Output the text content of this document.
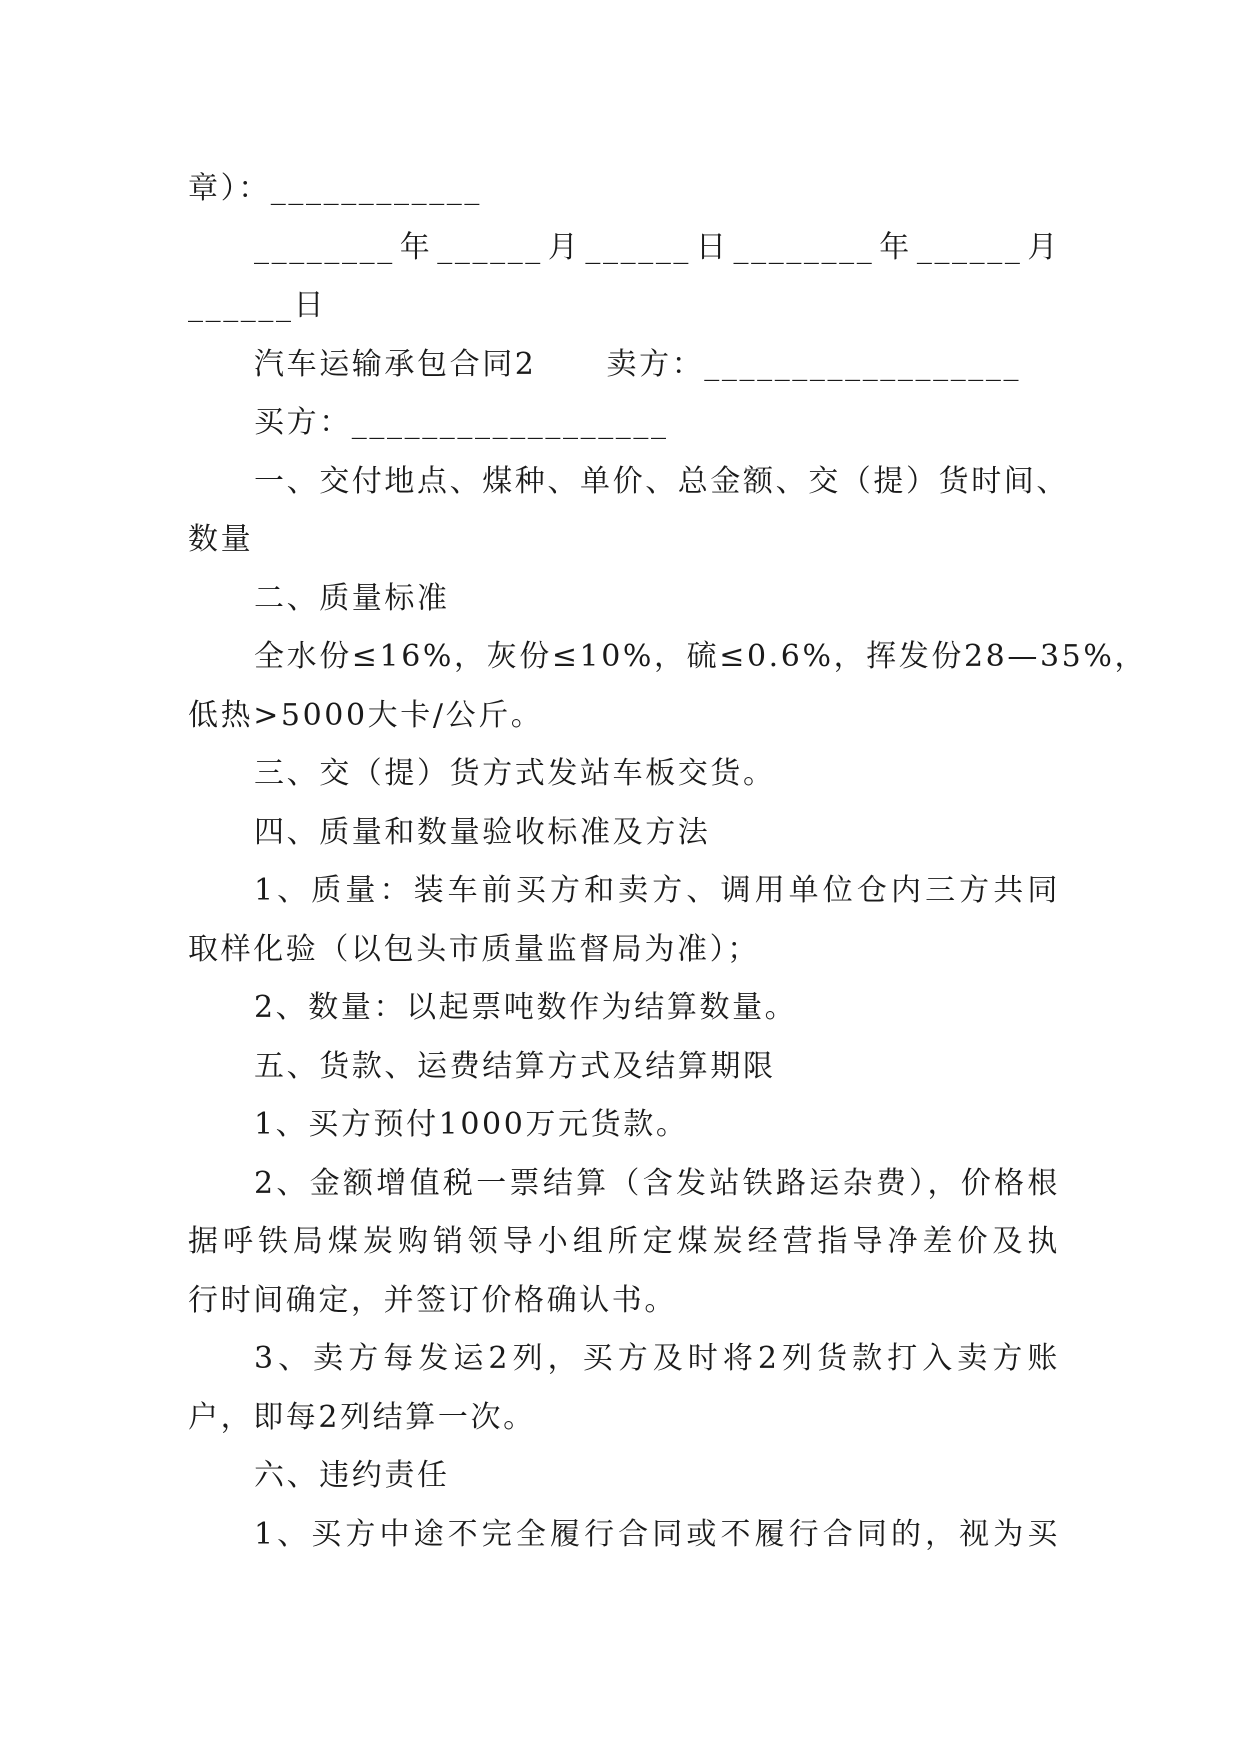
章）：____________
________年______月______日________年______月
______日
汽车运输承包合同2 卖方：__________________
买方：__________________
一、交付地点、煤种、单价、总金额、交（提）货时间、
数量
二、质量标准
全水份≤16%，灰份≤10%，硫≤0.6%，挥发份28—35%，
低热>5000大卡/公斤。
三、交（提）货方式发站车板交货。
四、质量和数量验收标准及方法
1、质量：装车前买方和卖方、调用单位仓内三方共同
取样化验（以包头市质量监督局为准）；
2、数量：以起票吨数作为结算数量。
五、货款、运费结算方式及结算期限
1、买方预付1000万元货款。
2、金额增值税一票结算（含发站铁路运杂费），价格根
据呼铁局煤炭购销领导小组所定煤炭经营指导净差价及执
行时间确定，并签订价格确认书。
3、卖方每发运2列，买方及时将2列货款打入卖方账
户，即每2列结算一次。
六、违约责任
1、买方中途不完全履行合同或不履行合同的，视为买
